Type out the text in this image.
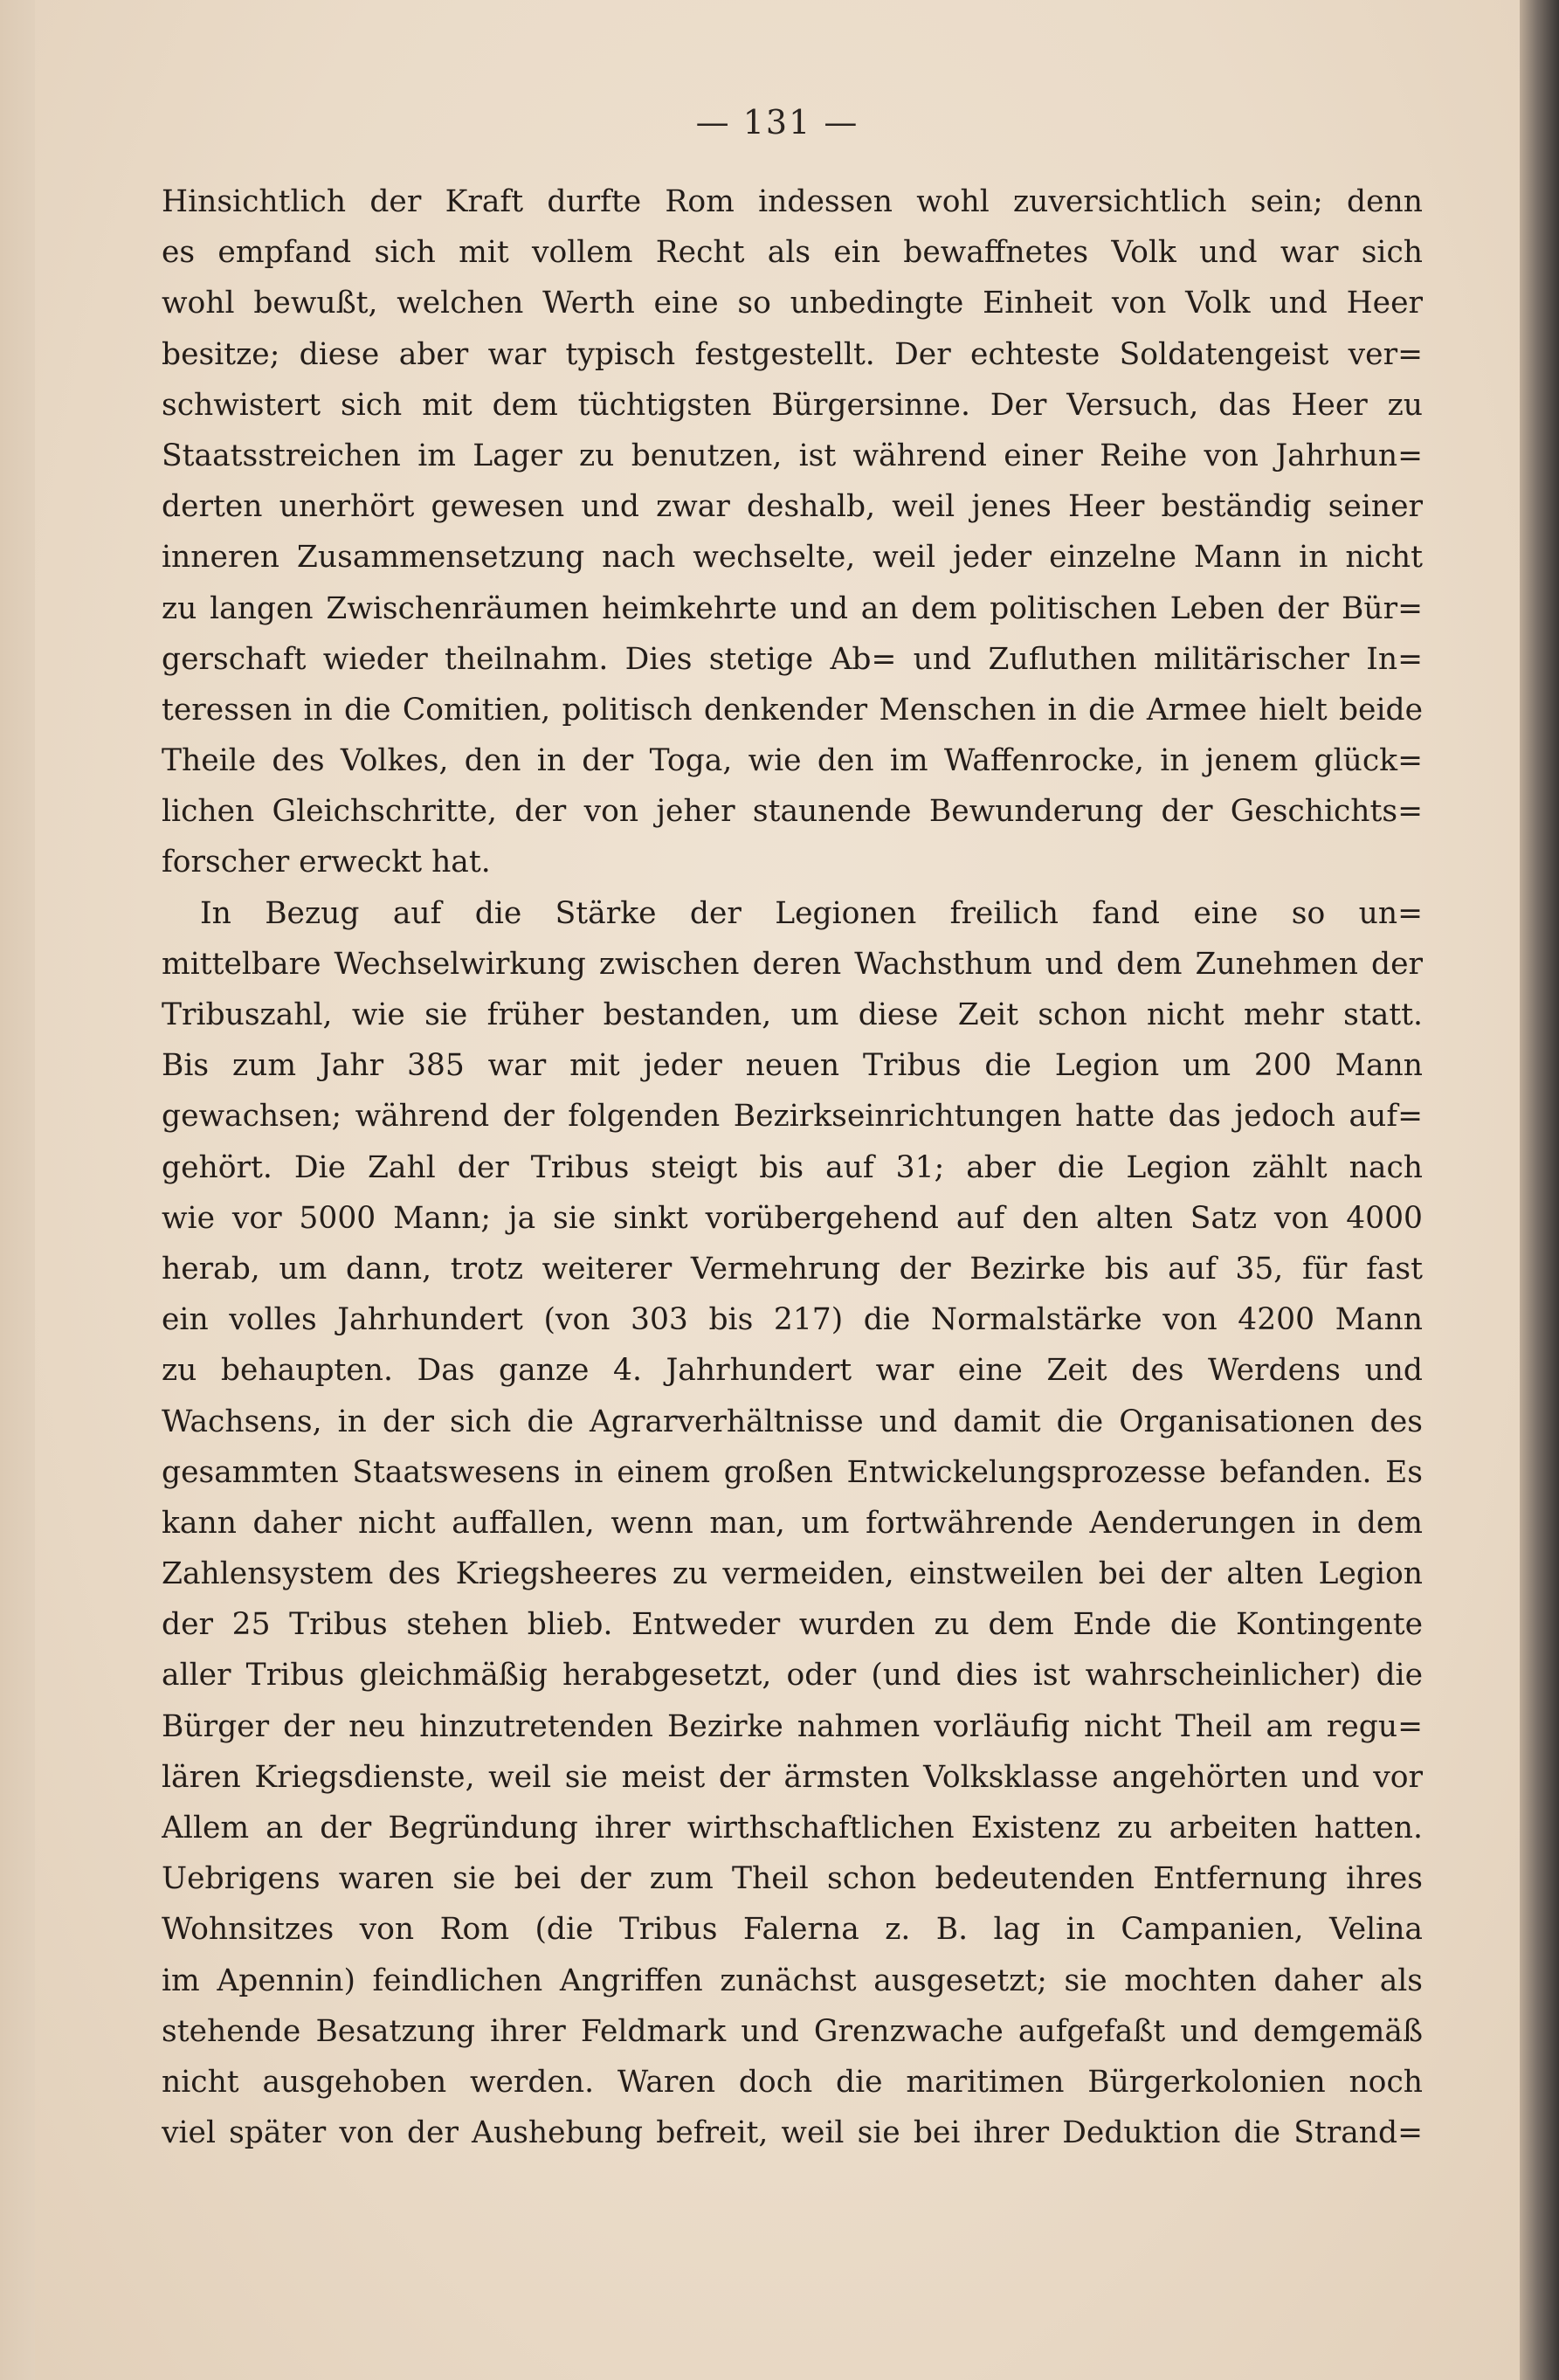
— 131 —
Hinsichtlich der Kraft durfte Rom indessen wohl zuversichtlich sein; denn
es empfand sich mit vollem Recht als ein bewaffnetes Volk und war sich
wohl bewußt, welchen Werth eine so unbedingte Einheit von Volk und Heer
besitze; diese aber war typisch festgestellt. Der echteste Soldatengeist ver=
schwistert sich mit dem tüchtigsten Bürgersinne. Der Versuch, das Heer zu
Staatsstreichen im Lager zu benutzen, ist während einer Reihe von Jahrhun=
derten unerhört gewesen und zwar deshalb, weil jenes Heer beständig seiner
inneren Zusammensetzung nach wechselte, weil jeder einzelne Mann in nicht
zu langen Zwischenräumen heimkehrte und an dem politischen Leben der Bür=
gerschaft wieder theilnahm. Dies stetige Ab= und Zufluthen militärischer In=
teressen in die Comitien, politisch denkender Menschen in die Armee hielt beide
Theile des Volkes, den in der Toga, wie den im Waffenrocke, in jenem glück=
lichen Gleichschritte, der von jeher staunende Bewunderung der Geschichts=
forscher erweckt hat.
In Bezug auf die Stärke der Legionen freilich fand eine so un=
mittelbare Wechselwirkung zwischen deren Wachsthum und dem Zunehmen der
Tribuszahl, wie sie früher bestanden, um diese Zeit schon nicht mehr statt.
Bis zum Jahr 385 war mit jeder neuen Tribus die Legion um 200 Mann
gewachsen; während der folgenden Bezirkseinrichtungen hatte das jedoch auf=
gehört. Die Zahl der Tribus steigt bis auf 31; aber die Legion zählt nach
wie vor 5000 Mann; ja sie sinkt vorübergehend auf den alten Satz von 4000
herab, um dann, trotz weiterer Vermehrung der Bezirke bis auf 35, für fast
ein volles Jahrhundert (von 303 bis 217) die Normalstärke von 4200 Mann
zu behaupten. Das ganze 4. Jahrhundert war eine Zeit des Werdens und
Wachsens, in der sich die Agrarverhältnisse und damit die Organisationen des
gesammten Staatswesens in einem großen Entwickelungsprozesse befanden. Es
kann daher nicht auffallen, wenn man, um fortwährende Aenderungen in dem
Zahlensystem des Kriegsheeres zu vermeiden, einstweilen bei der alten Legion
der 25 Tribus stehen blieb. Entweder wurden zu dem Ende die Kontingente
aller Tribus gleichmäßig herabgesetzt, oder (und dies ist wahrscheinlicher) die
Bürger der neu hinzutretenden Bezirke nahmen vorläufig nicht Theil am regu=
lären Kriegsdienste, weil sie meist der ärmsten Volksklasse angehörten und vor
Allem an der Begründung ihrer wirthschaftlichen Existenz zu arbeiten hatten.
Uebrigens waren sie bei der zum Theil schon bedeutenden Entfernung ihres
Wohnsitzes von Rom (die Tribus Falerna z. B. lag in Campanien, Velina
im Apennin) feindlichen Angriffen zunächst ausgesetzt; sie mochten daher als
stehende Besatzung ihrer Feldmark und Grenzwache aufgefaßt und demgemäß
nicht ausgehoben werden. Waren doch die maritimen Bürgerkolonien noch
viel später von der Aushebung befreit, weil sie bei ihrer Deduktion die Strand=
